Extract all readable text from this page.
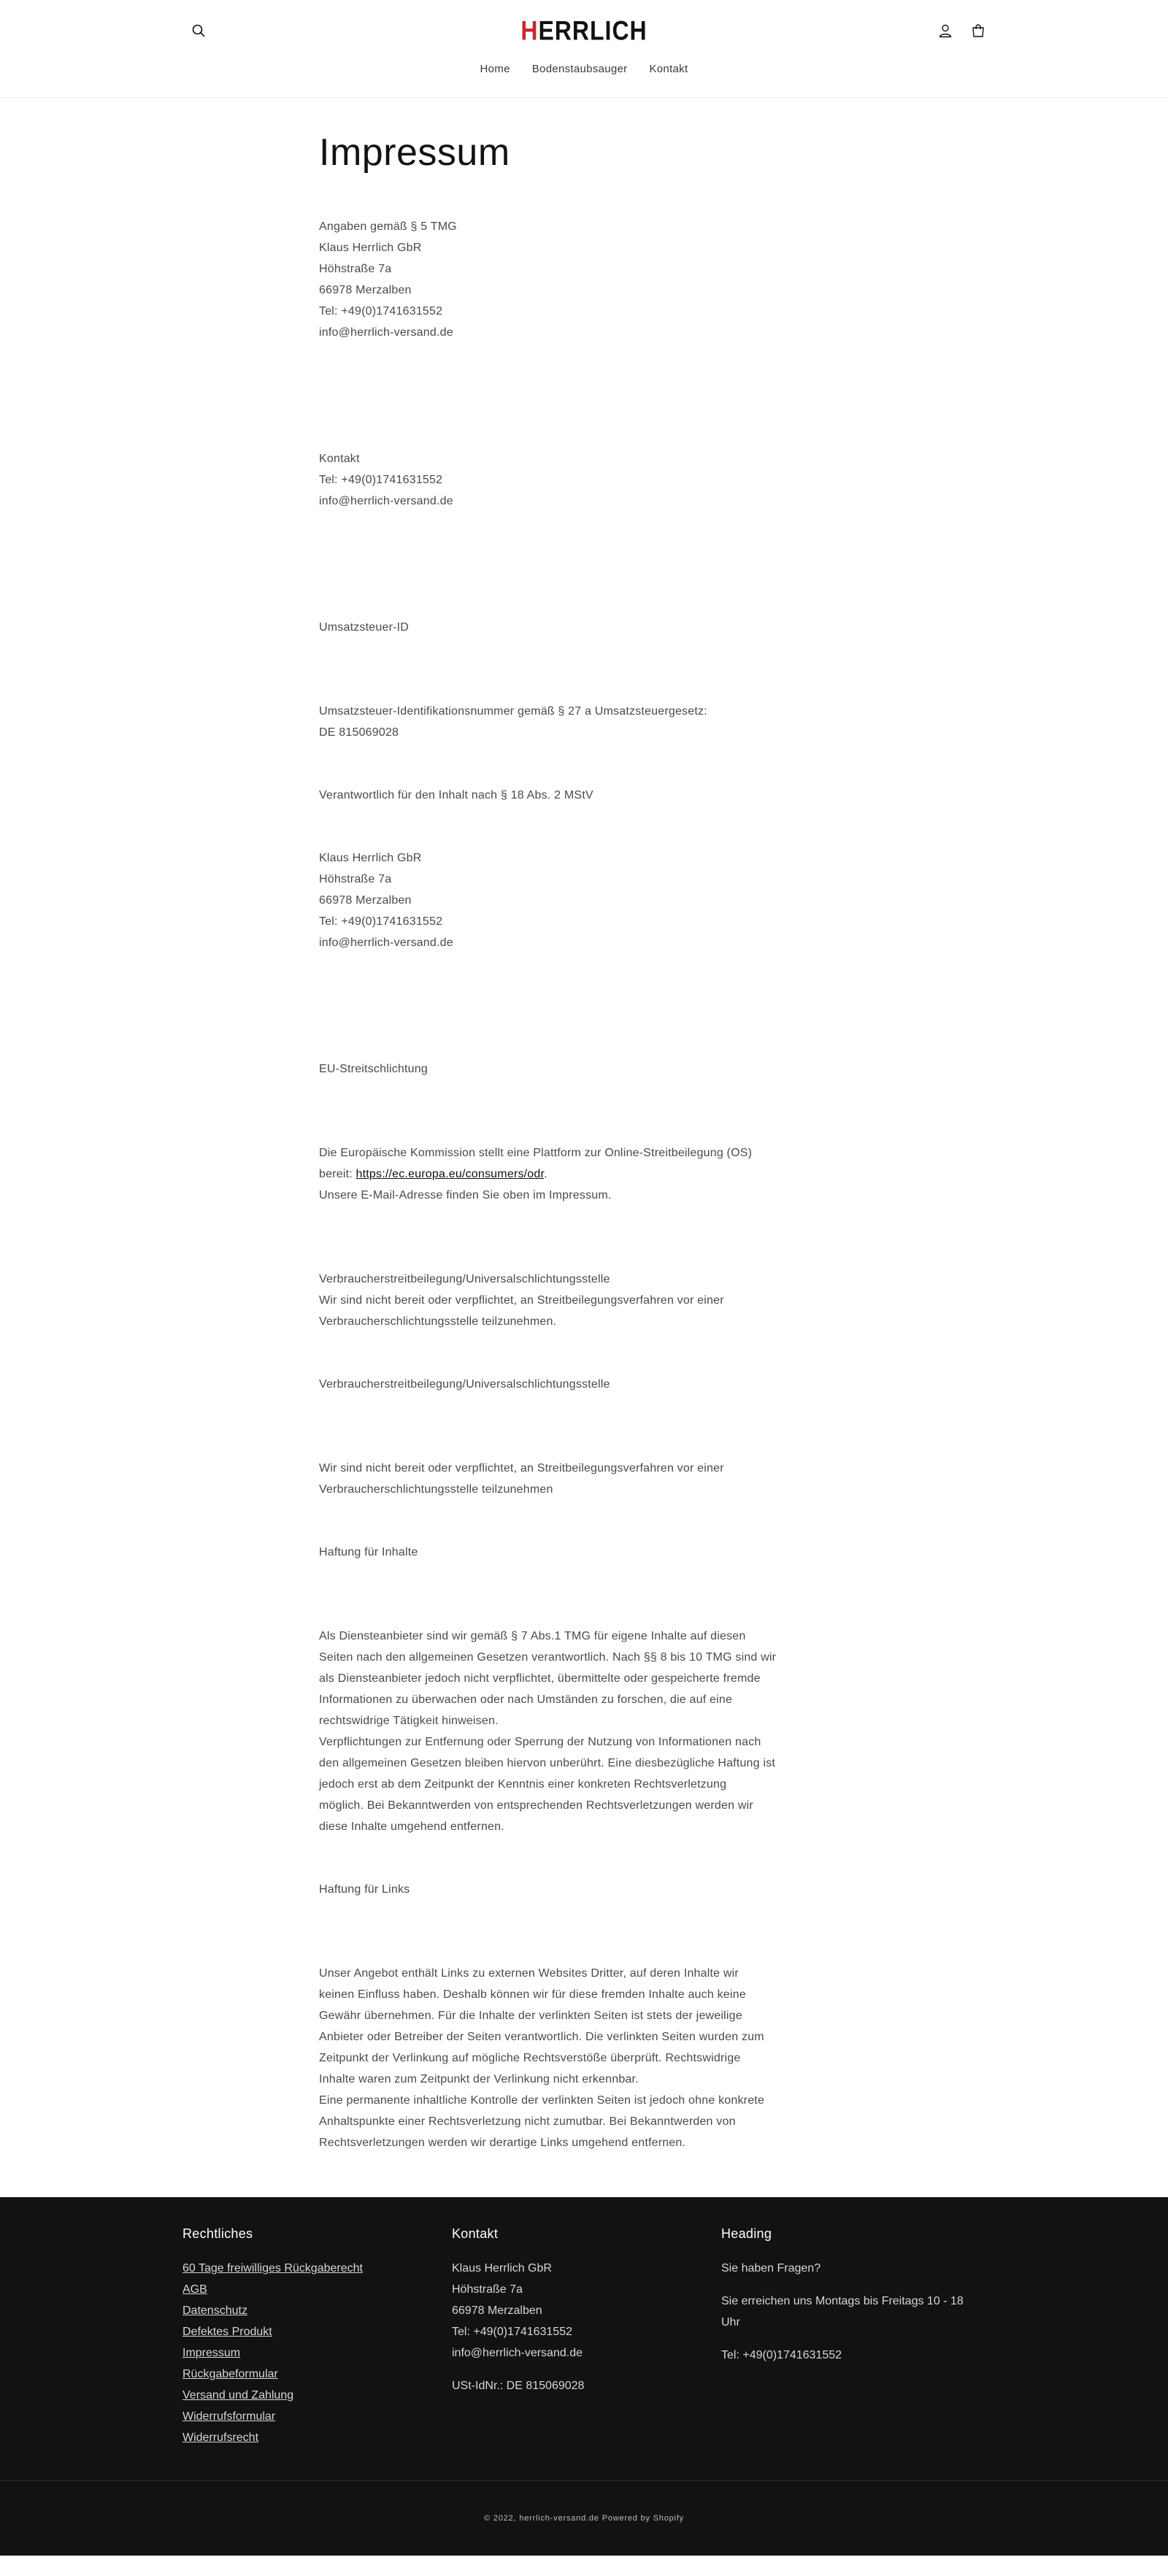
H ERRLICH
Home Bodenstaubsauger Kontakt
Impressum
Angaben gemäß § 5 TMG
Klaus Herrlich GbR
Höhstraße 7a
66978 Merzalben
Tel: +49(0)1741631552
info@herrlich-versand.de
Kontakt
Tel: +49(0)1741631552
info@herrlich-versand.de
Umsatzsteuer-ID
Umsatzsteuer-Identifikationsnummer gemäß § 27 a Umsatzsteuergesetz:
DE 815069028
Verantwortlich für den Inhalt nach § 18 Abs. 2 MStV
Klaus Herrlich GbR
Höhstraße 7a
66978 Merzalben
Tel: +49(0)1741631552
info@herrlich-versand.de
EU-Streitschlichtung
Die Europäische Kommission stellt eine Plattform zur Online-Streitbeilegung (OS)
bereit: https://ec.europa.eu/consumers/odr.
Unsere E-Mail-Adresse finden Sie oben im Impressum.
Verbraucherstreitbeilegung/Universalschlichtungsstelle
Wir sind nicht bereit oder verpflichtet, an Streitbeilegungsverfahren vor einer
Verbraucherschlichtungsstelle teilzunehmen.
Verbraucherstreitbeilegung/Universalschlichtungsstelle
Wir sind nicht bereit oder verpflichtet, an Streitbeilegungsverfahren vor einer
Verbraucherschlichtungsstelle teilzunehmen
Haftung für Inhalte
Als Diensteanbieter sind wir gemäß § 7 Abs.1 TMG für eigene Inhalte auf diesen
Seiten nach den allgemeinen Gesetzen verantwortlich. Nach §§ 8 bis 10 TMG sind wir
als Diensteanbieter jedoch nicht verpflichtet, übermittelte oder gespeicherte fremde
Informationen zu überwachen oder nach Umständen zu forschen, die auf eine
rechtswidrige Tätigkeit hinweisen.
Verpflichtungen zur Entfernung oder Sperrung der Nutzung von Informationen nach
den allgemeinen Gesetzen bleiben hiervon unberührt. Eine diesbezügliche Haftung ist
jedoch erst ab dem Zeitpunkt der Kenntnis einer konkreten Rechtsverletzung
möglich. Bei Bekanntwerden von entsprechenden Rechtsverletzungen werden wir
diese Inhalte umgehend entfernen.
Haftung für Links
Unser Angebot enthält Links zu externen Websites Dritter, auf deren Inhalte wir
keinen Einfluss haben. Deshalb können wir für diese fremden Inhalte auch keine
Gewähr übernehmen. Für die Inhalte der verlinkten Seiten ist stets der jeweilige
Anbieter oder Betreiber der Seiten verantwortlich. Die verlinkten Seiten wurden zum
Zeitpunkt der Verlinkung auf mögliche Rechtsverstöße überprüft. Rechtswidrige
Inhalte waren zum Zeitpunkt der Verlinkung nicht erkennbar.
Eine permanente inhaltliche Kontrolle der verlinkten Seiten ist jedoch ohne konkrete
Anhaltspunkte einer Rechtsverletzung nicht zumutbar. Bei Bekanntwerden von
Rechtsverletzungen werden wir derartige Links umgehend entfernen.
Rechtliches
60 Tage freiwilliges Rückgaberecht
AGB
Datenschutz
Defektes Produkt
Impressum
Rückgabeformular
Versand und Zahlung
Widerrufsformular
Widerrufsrecht
Kontakt
Klaus Herrlich GbR
Höhstraße 7a
66978 Merzalben
Tel: +49(0)1741631552
info@herrlich-versand.de
USt-IdNr.: DE 815069028
Heading
Sie haben Fragen?
Sie erreichen uns Montags bis Freitags 10 - 18 Uhr
Tel: +49(0)1741631552
© 2022, herrlich-versand.de Powered by Shopify
